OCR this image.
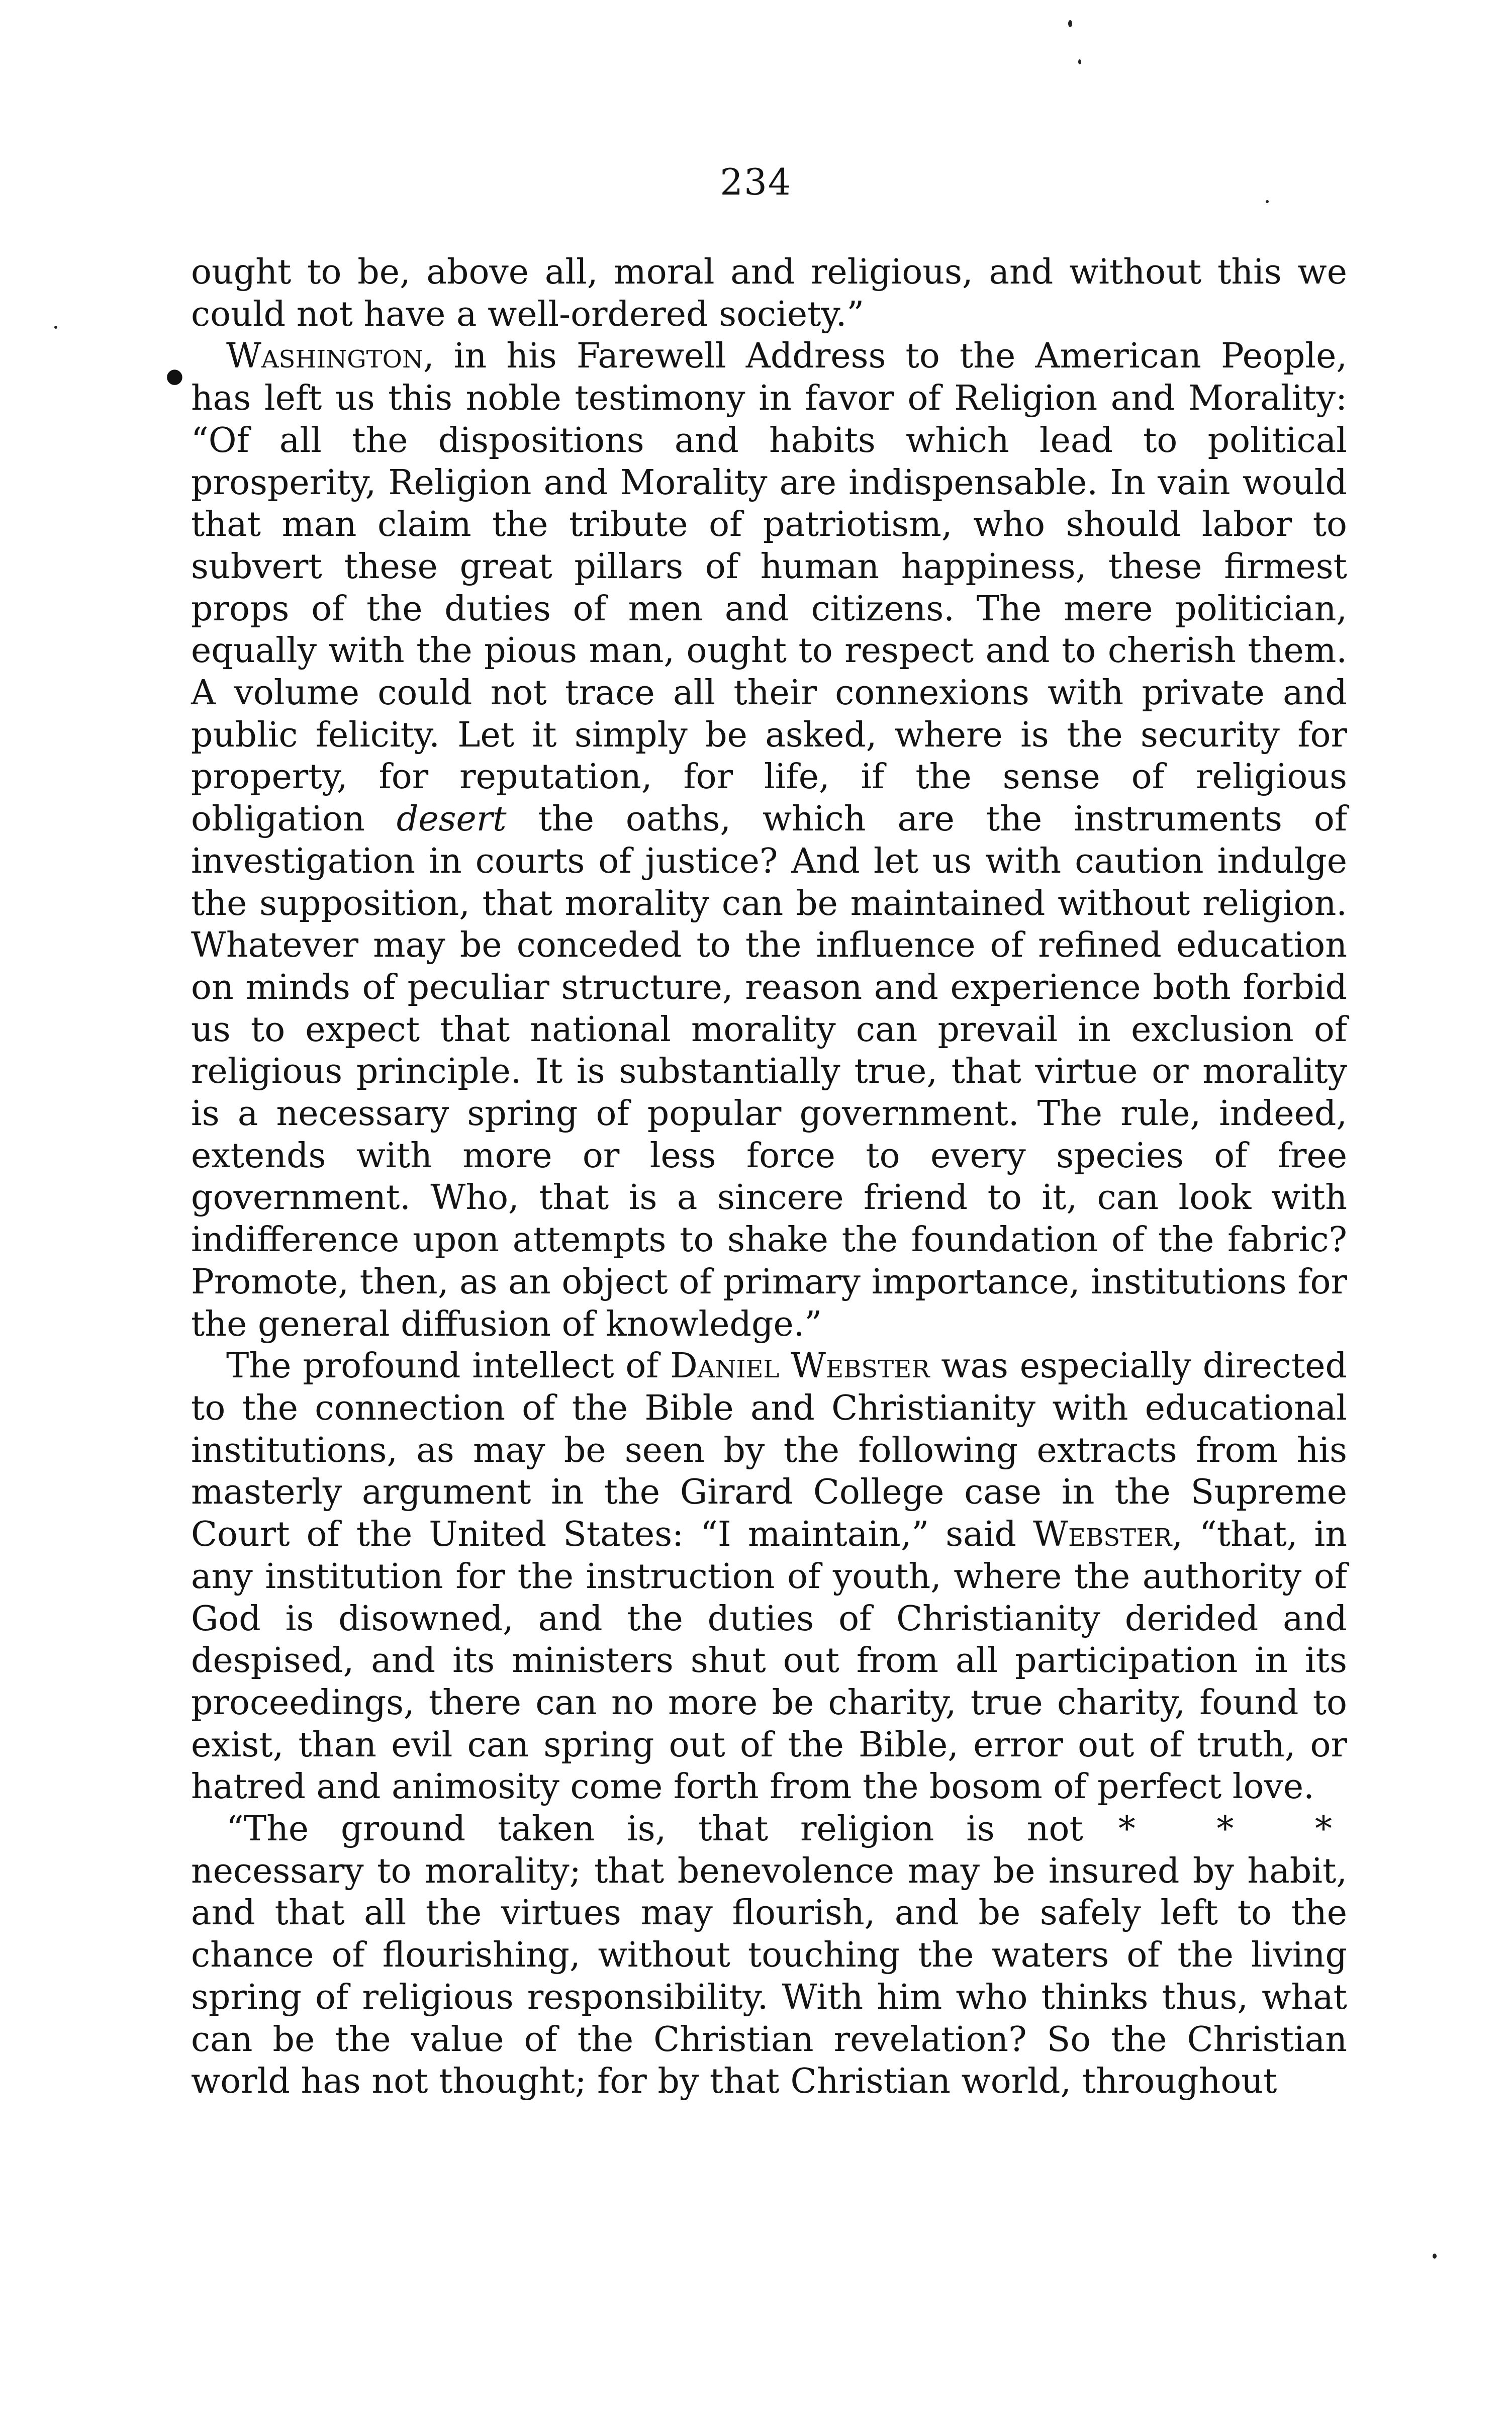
234
●

ought to be, above all, moral and religious, and without this we could not have a well-ordered society.”

Washington, in his Farewell Address to the American People, has left us this noble testimony in favor of Religion and Morality: “Of all the dispositions and habits which lead to political prosperity, Religion and Morality are indispensable. In vain would that man claim the tribute of patriotism, who should labor to subvert these great pillars of human happiness, these firmest props of the duties of men and citizens. The mere politician, equally with the pious man, ought to respect and to cherish them. A volume could not trace all their connexions with private and public felicity. Let it simply be asked, where is the security for property, for reputation, for life, if the sense of religious obligation desert the oaths, which are the instruments of investigation in courts of justice? And let us with caution indulge the supposition, that morality can be maintained without religion. Whatever may be conceded to the influence of refined education on minds of peculiar structure, reason and experience both forbid us to expect that national morality can prevail in exclusion of religious principle. It is substantially true, that virtue or morality is a necessary spring of popular government. The rule, indeed, extends with more or less force to every species of free government. Who, that is a sincere friend to it, can look with indifference upon attempts to shake the foundation of the fabric? Promote, then, as an object of primary importance, institutions for the general diffusion of knowledge.”

The profound intellect of Daniel Webster was especially directed to the connection of the Bible and Christianity with educational institutions, as may be seen by the following extracts from his masterly argument in the Girard College case in the Supreme Court of the United States: “I maintain,” said Webster, “that, in any institution for the instruction of youth, where the authority of God is disowned, and the duties of Christianity derided and despised, and its ministers shut out from all participation in its proceedings, there can no more be charity, true charity, found to exist, than evil can spring out of the Bible, error out of truth, or hatred and animosity come forth from the bosom of perfect love.
* * *

“The ground taken is, that religion is not necessary to morality; that benevolence may be insured by habit, and that all the virtues may flourish, and be safely left to the chance of flourishing, without touching the waters of the living spring of religious responsibility. With him who thinks thus, what can be the value of the Christian revelation? So the Christian world has not thought; for by that Christian world, throughout
